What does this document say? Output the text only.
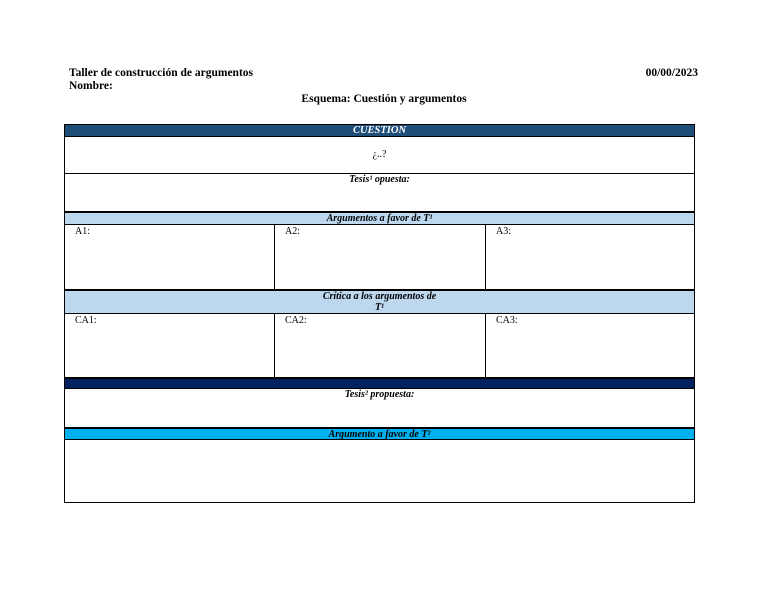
Taller de construcción de argumentos
Nombre:
00/00/2023
Esquema: Cuestión y argumentos
CUESTION
¿..?
Tesis¹ opuesta:
Argumentos a favor de T¹
A1:	A2:	A3:
Crítica a los argumentos de
T¹
CA1:	CA2:	CA3:
Tesis² propuesta:
Argumento a favor de T²
